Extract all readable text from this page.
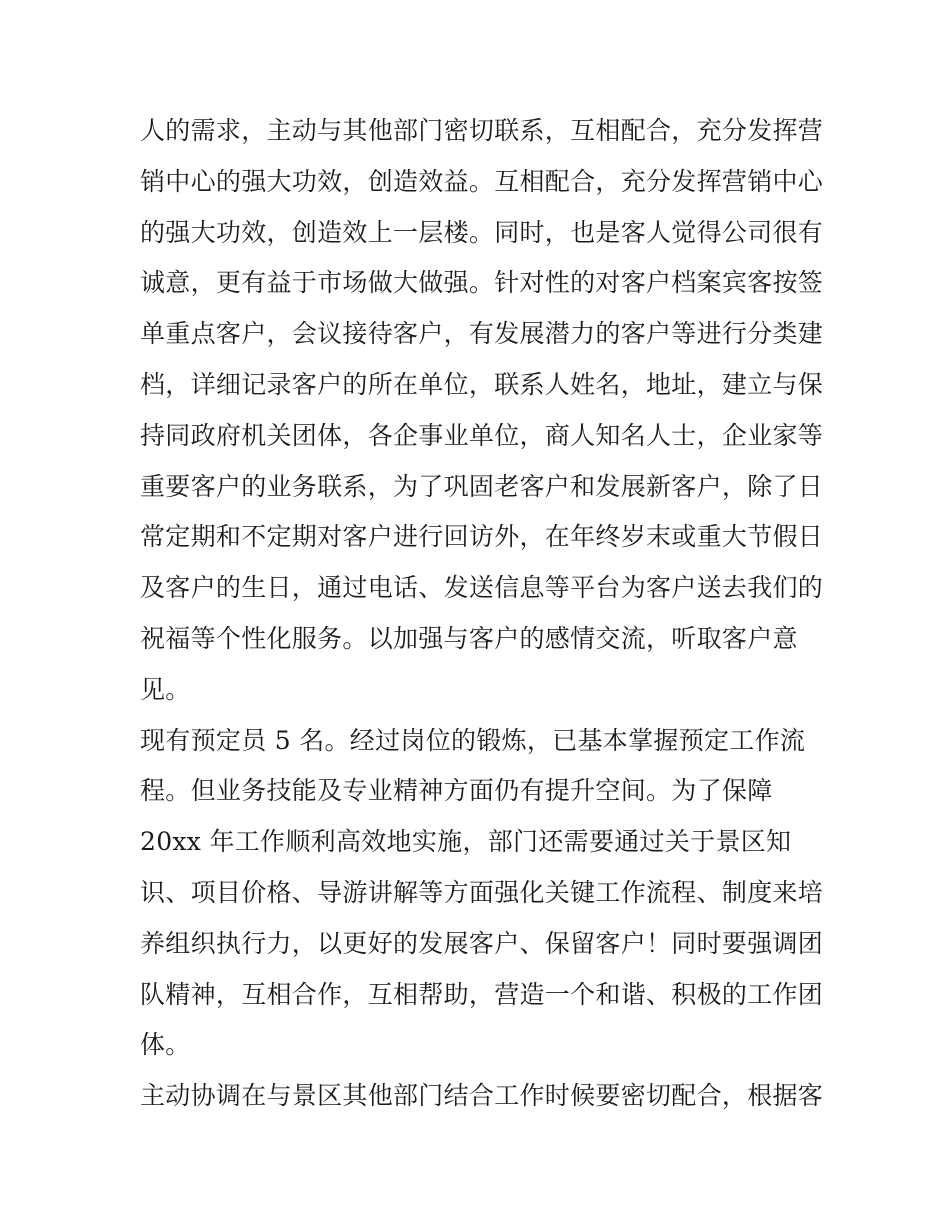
人的需求，主动与其他部门密切联系，互相配合，充分发挥营
销中心的强大功效，创造效益。互相配合，充分发挥营销中心
的强大功效，创造效上一层楼。同时，也是客人觉得公司很有
诚意，更有益于市场做大做强。针对性的对客户档案宾客按签
单重点客户，会议接待客户，有发展潜力的客户等进行分类建
档，详细记录客户的所在单位，联系人姓名，地址，建立与保
持同政府机关团体，各企事业单位，商人知名人士，企业家等
重要客户的业务联系，为了巩固老客户和发展新客户，除了日
常定期和不定期对客户进行回访外，在年终岁末或重大节假日
及客户的生日，通过电话、发送信息等平台为客户送去我们的
祝福等个性化服务。以加强与客户的感情交流，听取客户意
见。
现有预定员 5 名。经过岗位的锻炼，已基本掌握预定工作流
程。但业务技能及专业精神方面仍有提升空间。为了保障
20xx 年工作顺利高效地实施，部门还需要通过关于景区知
识、项目价格、导游讲解等方面强化关键工作流程、制度来培
养组织执行力，以更好的发展客户、保留客户！同时要强调团
队精神，互相合作，互相帮助，营造一个和谐、积极的工作团
体。
主动协调在与景区其他部门结合工作时候要密切配合，根据客
